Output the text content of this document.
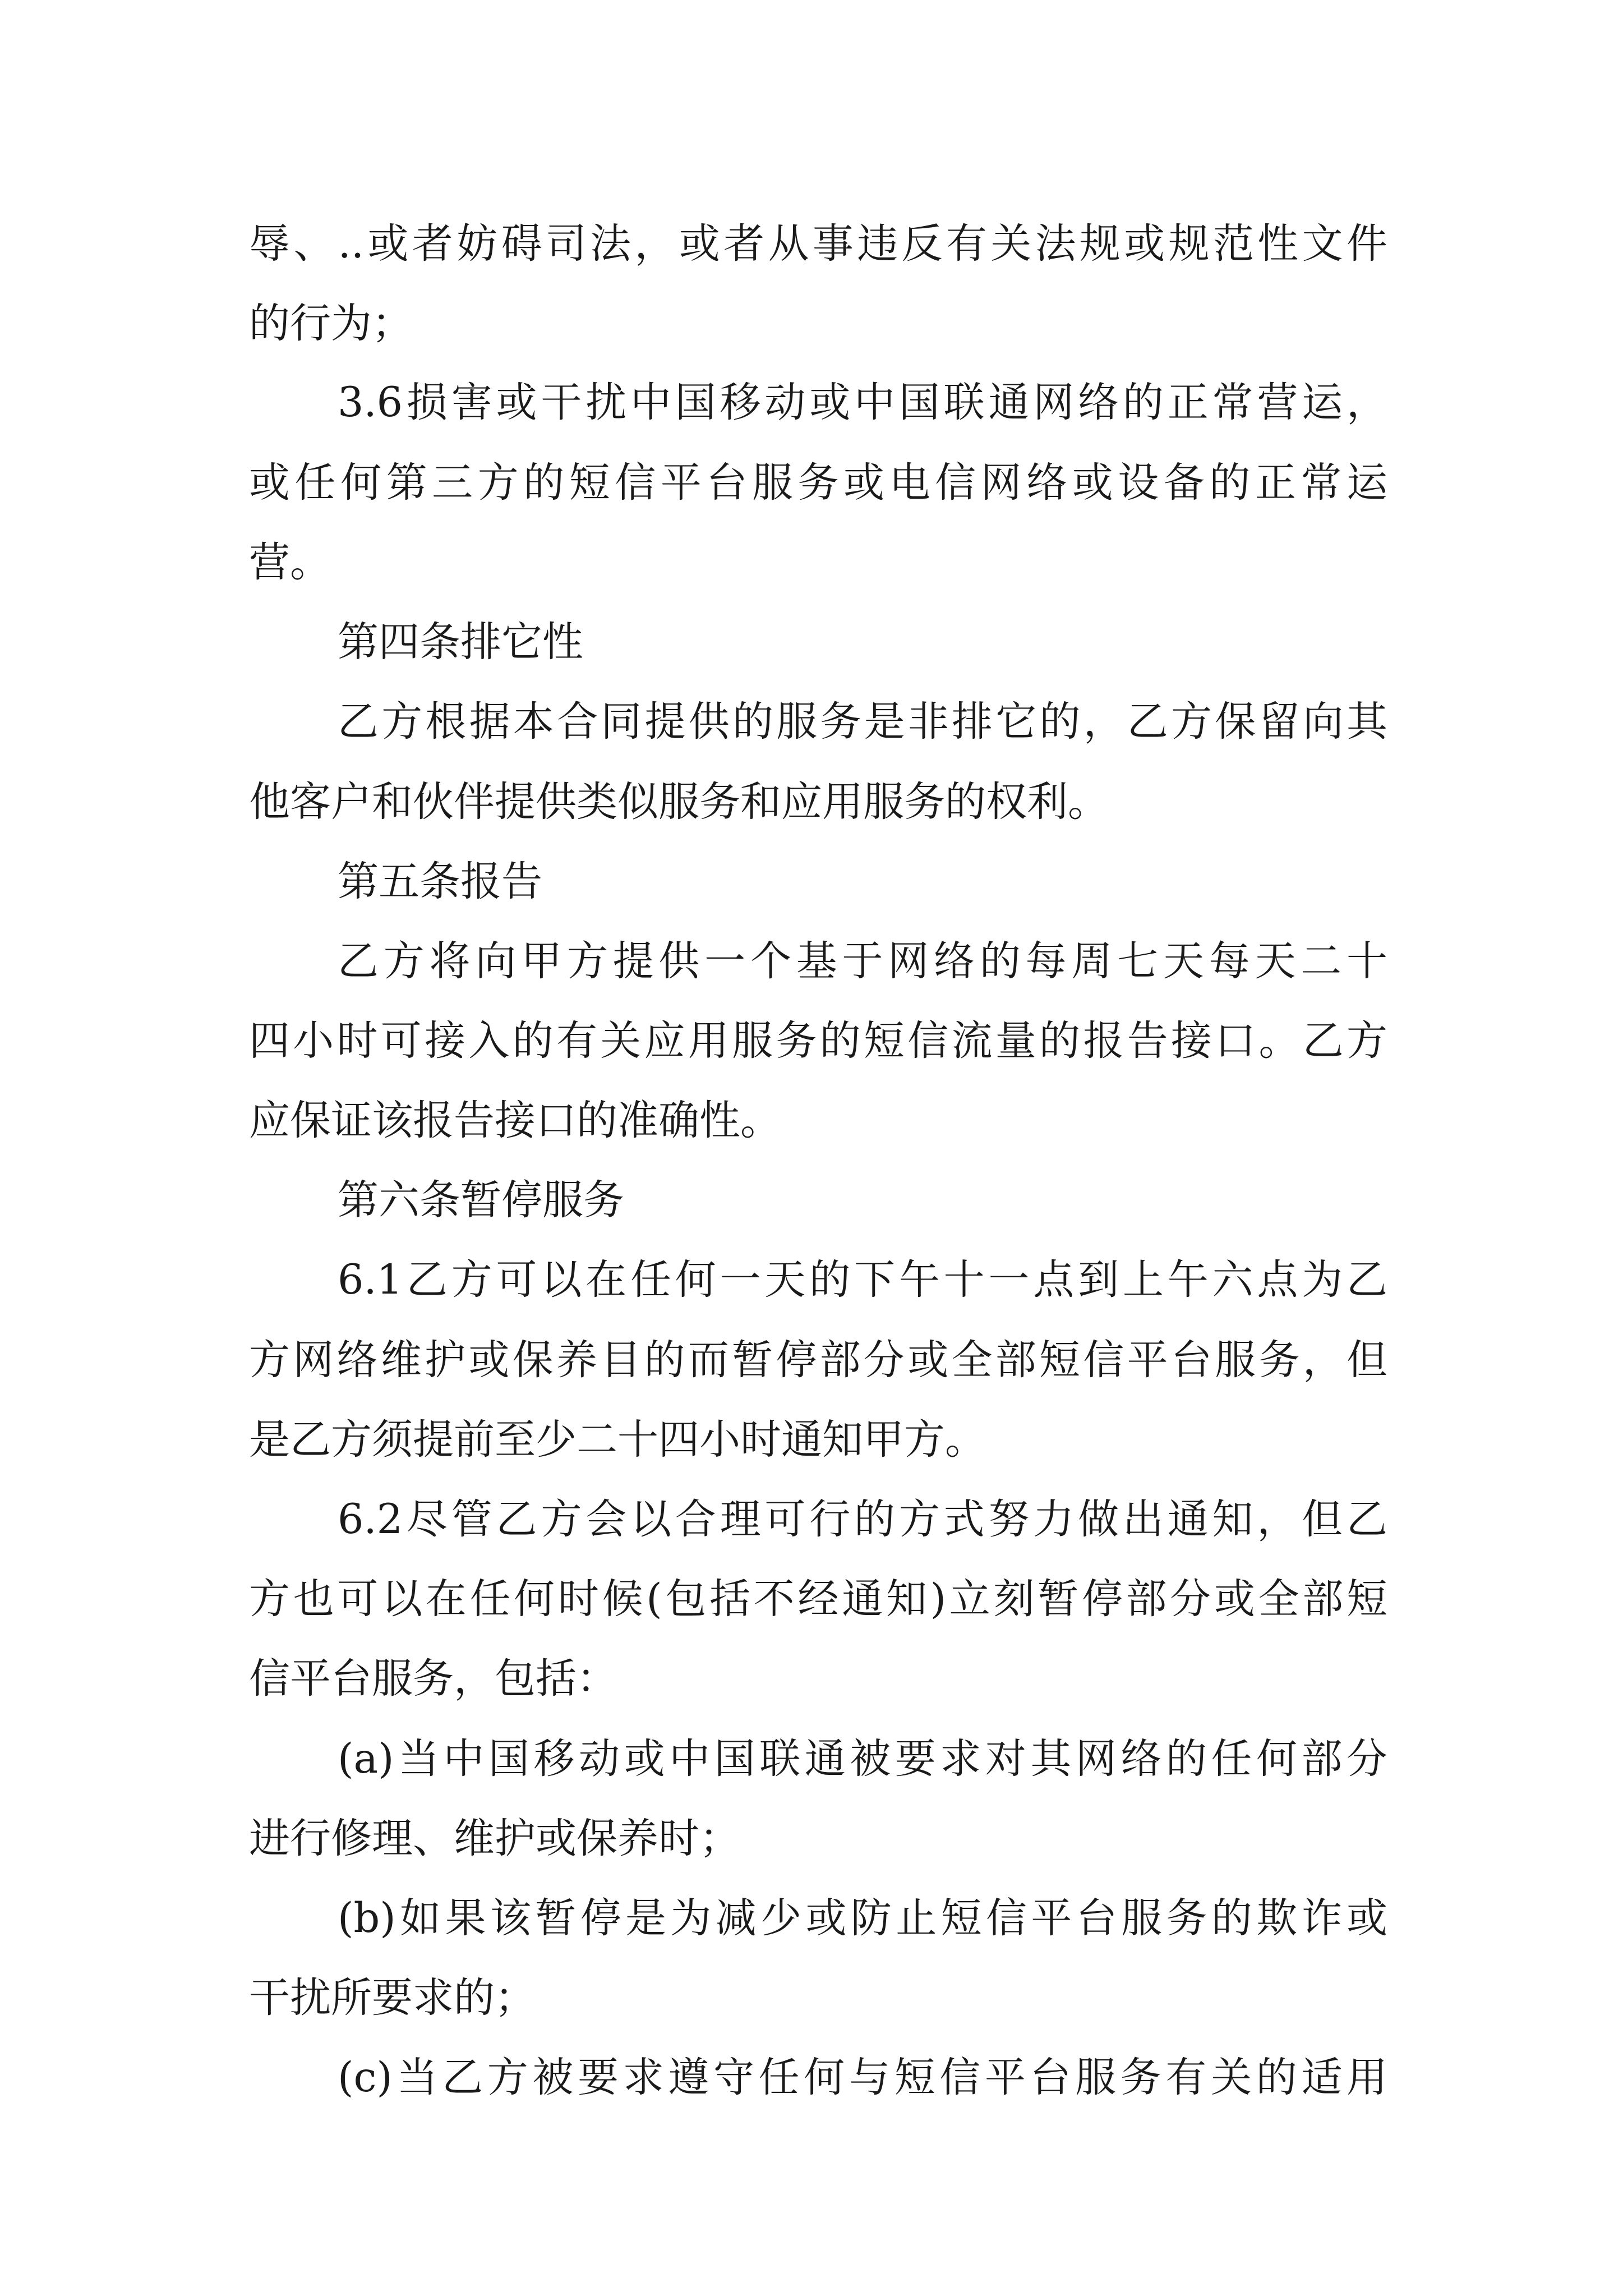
辱、..或者妨碍司法，或者从事违反有关法规或规范性文件
的行为；
3.6损害或干扰中国移动或中国联通网络的正常营运，
或任何第三方的短信平台服务或电信网络或设备的正常运
营。
第四条排它性
乙方根据本合同提供的服务是非排它的，乙方保留向其
他客户和伙伴提供类似服务和应用服务的权利。
第五条报告
乙方将向甲方提供一个基于网络的每周七天每天二十
四小时可接入的有关应用服务的短信流量的报告接口。乙方
应保证该报告接口的准确性。
第六条暂停服务
6.1乙方可以在任何一天的下午十一点到上午六点为乙
方网络维护或保养目的而暂停部分或全部短信平台服务，但
是乙方须提前至少二十四小时通知甲方。
6.2尽管乙方会以合理可行的方式努力做出通知，但乙
方也可以在任何时候(包括不经通知)立刻暂停部分或全部短
信平台服务，包括：
(a)当中国移动或中国联通被要求对其网络的任何部分
进行修理、维护或保养时；
(b)如果该暂停是为减少或防止短信平台服务的欺诈或
干扰所要求的；
(c)当乙方被要求遵守任何与短信平台服务有关的适用
